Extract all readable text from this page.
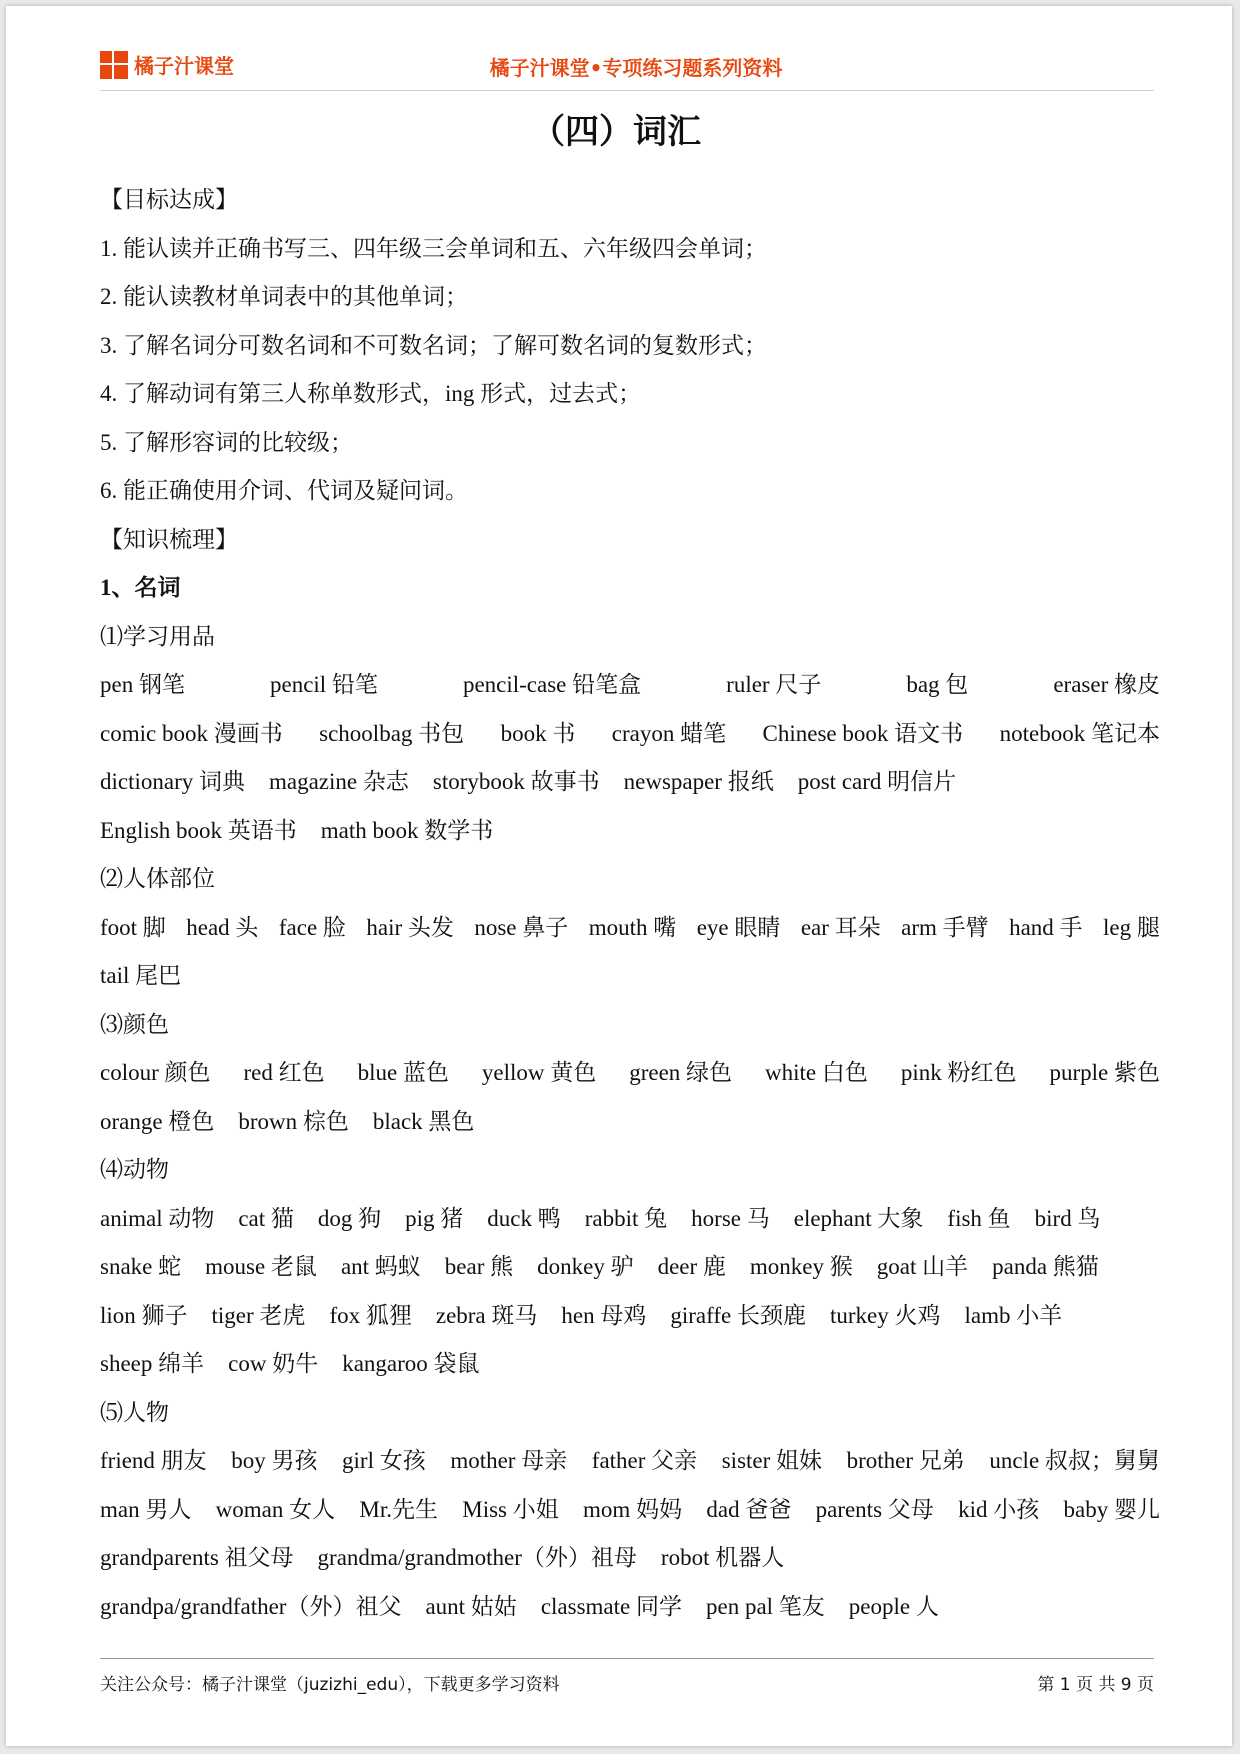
橘子汁课堂	橘子汁课堂•专项练习题系列资料
（四）词汇
【目标达成】
1. 能认读并正确书写三、四年级三会单词和五、六年级四会单词；
2. 能认读教材单词表中的其他单词；
3. 了解名词分可数名词和不可数名词；了解可数名词的复数形式；
4. 了解动词有第三人称单数形式，ing 形式，过去式；
5. 了解形容词的比较级；
6. 能正确使用介词、代词及疑问词。
【知识梳理】
1、名词
⑴学习用品
pen 钢笔	pencil 铅笔	pencil-case 铅笔盒	ruler 尺子	bag 包	eraser 橡皮
comic book 漫画书 schoolbag 书包 book 书 crayon 蜡笔 Chinese book 语文书 notebook 笔记本
dictionary 词典 magazine 杂志 storybook 故事书 newspaper 报纸 post card 明信片
English book 英语书 math book 数学书
⑵人体部位
foot 脚 head 头 face 脸 hair 头发 nose 鼻子 mouth 嘴 eye 眼睛 ear 耳朵 arm 手臂 hand 手 leg 腿
tail 尾巴
⑶颜色
colour 颜色 red 红色 blue 蓝色 yellow 黄色 green 绿色 white 白色 pink 粉红色 purple 紫色
orange 橙色 brown 棕色 black 黑色
⑷动物
animal 动物 cat 猫 dog 狗 pig 猪 duck 鸭 rabbit 兔 horse 马 elephant 大象 fish 鱼 bird 鸟
snake 蛇 mouse 老鼠 ant 蚂蚁 bear 熊 donkey 驴 deer 鹿 monkey 猴 goat 山羊 panda 熊猫
lion 狮子 tiger 老虎 fox 狐狸 zebra 斑马 hen 母鸡 giraffe 长颈鹿 turkey 火鸡 lamb 小羊
sheep 绵羊 cow 奶牛 kangaroo 袋鼠
⑸人物
friend 朋友 boy 男孩 girl 女孩 mother 母亲 father 父亲 sister 姐妹 brother 兄弟 uncle 叔叔；舅舅
man 男人 woman 女人 Mr.先生 Miss 小姐 mom 妈妈 dad 爸爸 parents 父母 kid 小孩 baby 婴儿
grandparents 祖父母 grandma/grandmother（外）祖母 robot 机器人
grandpa/grandfather（外）祖父 aunt 姑姑 classmate 同学 pen pal 笔友 people 人
关注公众号：橘子汁课堂（juzizhi_edu），下载更多学习资料	第 1 页 共 9 页
